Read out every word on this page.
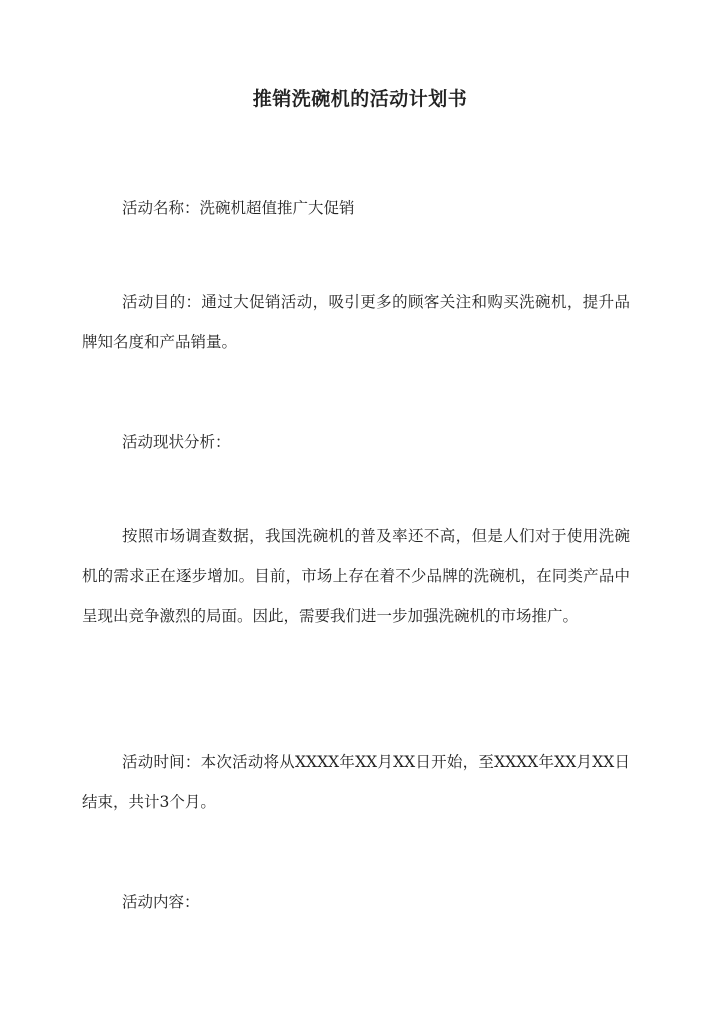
推销洗碗机的活动计划书

活动名称：洗碗机超值推广大促销

活动目的：通过大促销活动，吸引更多的顾客关注和购买洗碗机，提升品牌知名度和产品销量。

活动现状分析：

按照市场调查数据，我国洗碗机的普及率还不高，但是人们对于使用洗碗机的需求正在逐步增加。目前，市场上存在着不少品牌的洗碗机，在同类产品中呈现出竞争激烈的局面。因此，需要我们进一步加强洗碗机的市场推广。

活动时间：本次活动将从XXXX年XX月XX日开始，至XXXX年XX月XX日结束，共计3个月。

活动内容：
